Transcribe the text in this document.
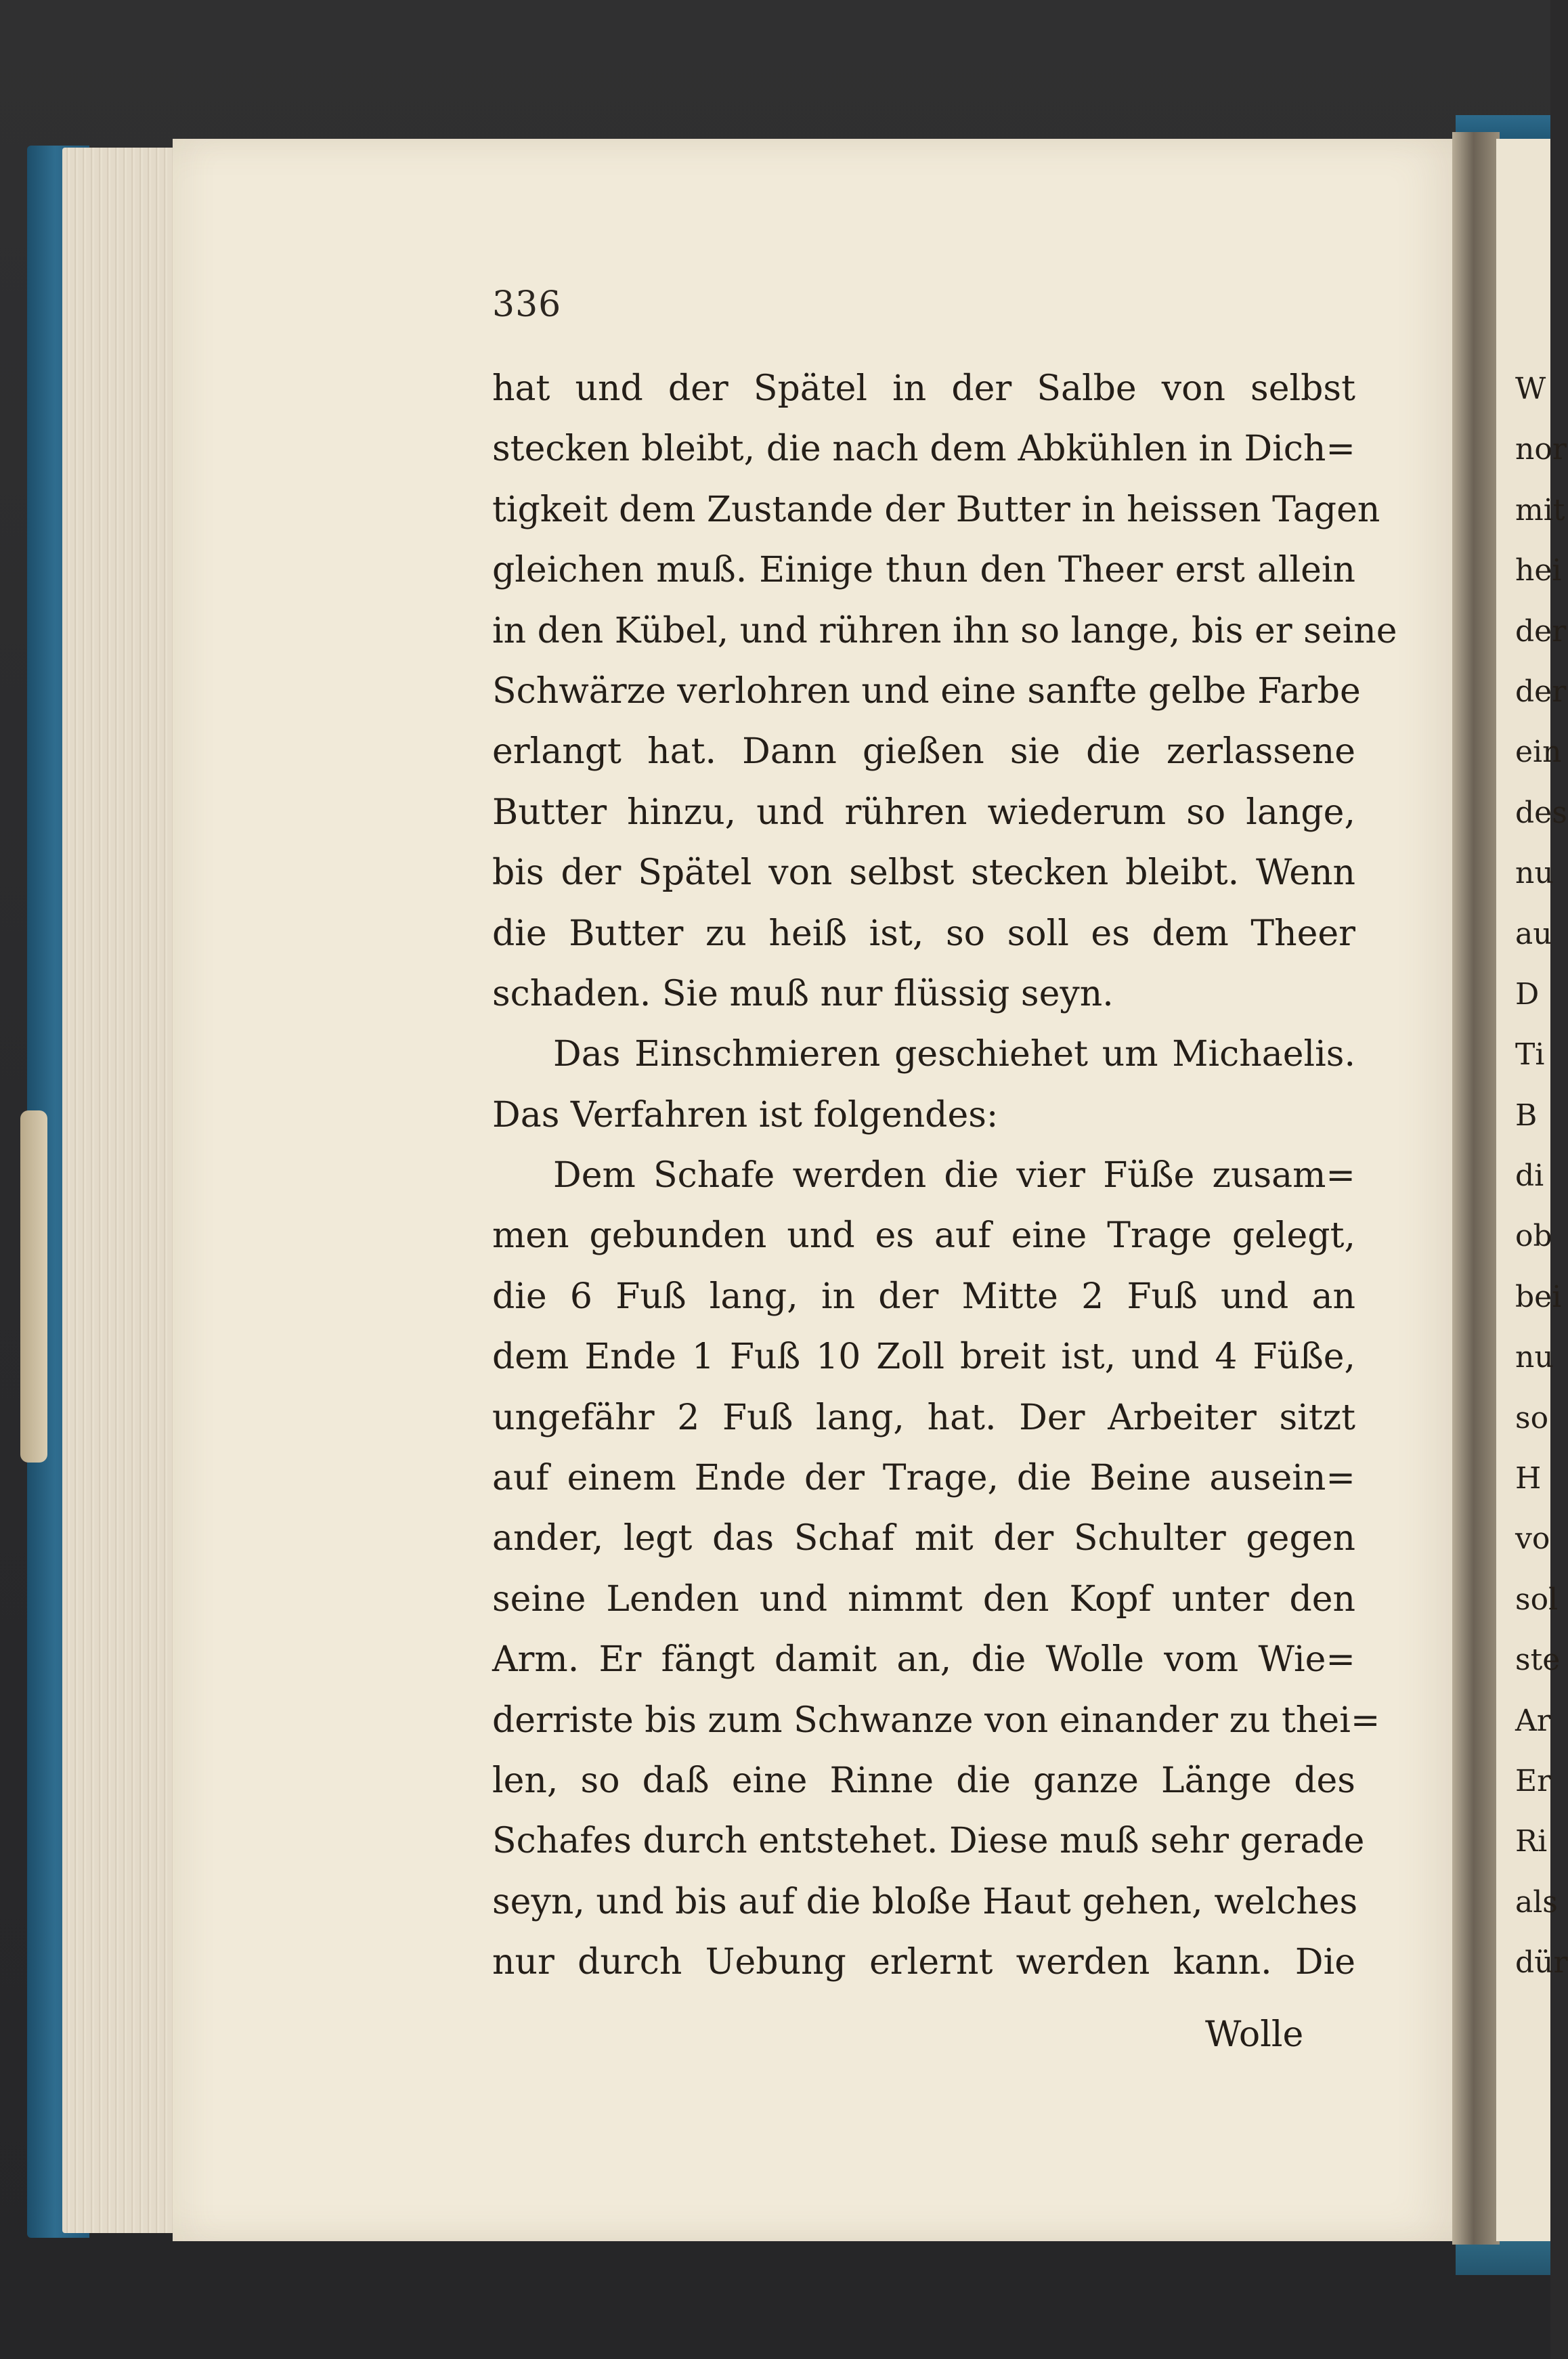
336
hat und der Spätel in der Salbe von selbst
stecken bleibt, die nach dem Abkühlen in Dich=
tigkeit dem Zustande der Butter in heissen Tagen
gleichen muß. Einige thun den Theer erst allein
in den Kübel, und rühren ihn so lange, bis er seine
Schwärze verlohren und eine sanfte gelbe Farbe
erlangt hat. Dann gießen sie die zerlassene
Butter hinzu, und rühren wiederum so lange,
bis der Spätel von selbst stecken bleibt. Wenn
die Butter zu heiß ist, so soll es dem Theer
schaden. Sie muß nur flüssig seyn.
Das Einschmieren geschiehet um Michaelis.
Das Verfahren ist folgendes:
Dem Schafe werden die vier Füße zusam=
men gebunden und es auf eine Trage gelegt,
die 6 Fuß lang, in der Mitte 2 Fuß und an
dem Ende 1 Fuß 10 Zoll breit ist, und 4 Füße,
ungefähr 2 Fuß lang, hat. Der Arbeiter sitzt
auf einem Ende der Trage, die Beine ausein=
ander, legt das Schaf mit der Schulter gegen
seine Lenden und nimmt den Kopf unter den
Arm. Er fängt damit an, die Wolle vom Wie=
derriste bis zum Schwanze von einander zu thei=
len, so daß eine Rinne die ganze Länge des
Schafes durch entstehet. Diese muß sehr gerade
seyn, und bis auf die bloße Haut gehen, welches
nur durch Uebung erlernt werden kann. Die
Wolle
W
nor
mit
hei
der
der
ein
des
nu
au
D
Ti
B
di
ob
bei
nu
so
H
vo
sol
ste
Ar
Er
Ri
als
dür
